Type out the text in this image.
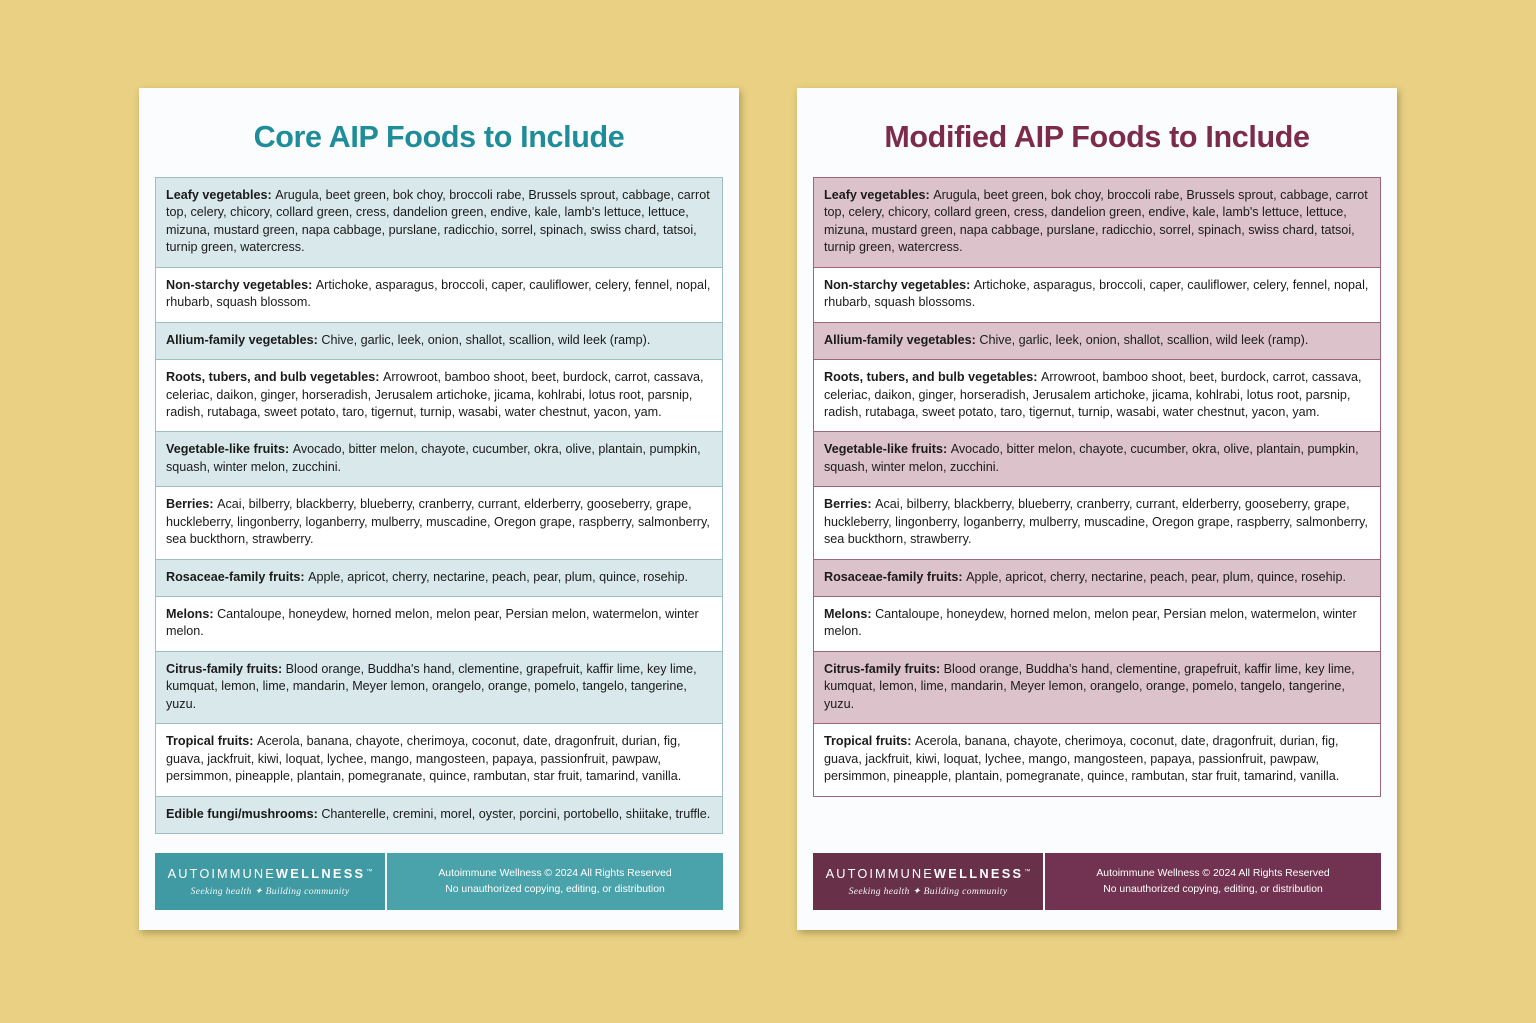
Core AIP Foods to Include
Leafy vegetables: Arugula, beet green, bok choy, broccoli rabe, Brussels sprout, cabbage, carrot top, celery, chicory, collard green, cress, dandelion green, endive, kale, lamb's lettuce, lettuce, mizuna, mustard green, napa cabbage, purslane, radicchio, sorrel, spinach, swiss chard, tatsoi, turnip green, watercress.
Non-starchy vegetables: Artichoke, asparagus, broccoli, caper, cauliflower, celery, fennel, nopal, rhubarb, squash blossom.
Allium-family vegetables: Chive, garlic, leek, onion, shallot, scallion, wild leek (ramp).
Roots, tubers, and bulb vegetables: Arrowroot, bamboo shoot, beet, burdock, carrot, cassava, celeriac, daikon, ginger, horseradish, Jerusalem artichoke, jicama, kohlrabi, lotus root, parsnip, radish, rutabaga, sweet potato, taro, tigernut, turnip, wasabi, water chestnut, yacon, yam.
Vegetable-like fruits: Avocado, bitter melon, chayote, cucumber, okra, olive, plantain, pumpkin, squash, winter melon, zucchini.
Berries: Acai, bilberry, blackberry, blueberry, cranberry, currant, elderberry, gooseberry, grape, huckleberry, lingonberry, loganberry, mulberry, muscadine, Oregon grape, raspberry, salmonberry, sea buckthorn, strawberry.
Rosaceae-family fruits: Apple, apricot, cherry, nectarine, peach, pear, plum, quince, rosehip.
Melons: Cantaloupe, honeydew, horned melon, melon pear, Persian melon, watermelon, winter melon.
Citrus-family fruits: Blood orange, Buddha's hand, clementine, grapefruit, kaffir lime, key lime, kumquat, lemon, lime, mandarin, Meyer lemon, orangelo, orange, pomelo, tangelo, tangerine, yuzu.
Tropical fruits: Acerola, banana, chayote, cherimoya, coconut, date, dragonfruit, durian, fig, guava, jackfruit, kiwi, loquat, lychee, mango, mangosteen, papaya, passionfruit, pawpaw, persimmon, pineapple, plantain, pomegranate, quince, rambutan, star fruit, tamarind, vanilla.
Edible fungi/mushrooms: Chanterelle, cremini, morel, oyster, porcini, portobello, shiitake, truffle.
AUTOIMMUNEWELLNESS™
Seeking health ✦ Building community
Autoimmune Wellness © 2024 All Rights Reserved
No unauthorized copying, editing, or distribution
Modified AIP Foods to Include
Leafy vegetables: Arugula, beet green, bok choy, broccoli rabe, Brussels sprout, cabbage, carrot top, celery, chicory, collard green, cress, dandelion green, endive, kale, lamb's lettuce, lettuce, mizuna, mustard green, napa cabbage, purslane, radicchio, sorrel, spinach, swiss chard, tatsoi, turnip green, watercress.
Non-starchy vegetables: Artichoke, asparagus, broccoli, caper, cauliflower, celery, fennel, nopal, rhubarb, squash blossoms.
Allium-family vegetables: Chive, garlic, leek, onion, shallot, scallion, wild leek (ramp).
Roots, tubers, and bulb vegetables: Arrowroot, bamboo shoot, beet, burdock, carrot, cassava, celeriac, daikon, ginger, horseradish, Jerusalem artichoke, jicama, kohlrabi, lotus root, parsnip, radish, rutabaga, sweet potato, taro, tigernut, turnip, wasabi, water chestnut, yacon, yam.
Vegetable-like fruits: Avocado, bitter melon, chayote, cucumber, okra, olive, plantain, pumpkin, squash, winter melon, zucchini.
Berries: Acai, bilberry, blackberry, blueberry, cranberry, currant, elderberry, gooseberry, grape, huckleberry, lingonberry, loganberry, mulberry, muscadine, Oregon grape, raspberry, salmonberry, sea buckthorn, strawberry.
Rosaceae-family fruits: Apple, apricot, cherry, nectarine, peach, pear, plum, quince, rosehip.
Melons: Cantaloupe, honeydew, horned melon, melon pear, Persian melon, watermelon, winter melon.
Citrus-family fruits: Blood orange, Buddha's hand, clementine, grapefruit, kaffir lime, key lime, kumquat, lemon, lime, mandarin, Meyer lemon, orangelo, orange, pomelo, tangelo, tangerine, yuzu.
Tropical fruits: Acerola, banana, chayote, cherimoya, coconut, date, dragonfruit, durian, fig, guava, jackfruit, kiwi, loquat, lychee, mango, mangosteen, papaya, passionfruit, pawpaw, persimmon, pineapple, plantain, pomegranate, quince, rambutan, star fruit, tamarind, vanilla.
AUTOIMMUNEWELLNESS™
Seeking health ✦ Building community
Autoimmune Wellness © 2024 All Rights Reserved
No unauthorized copying, editing, or distribution
